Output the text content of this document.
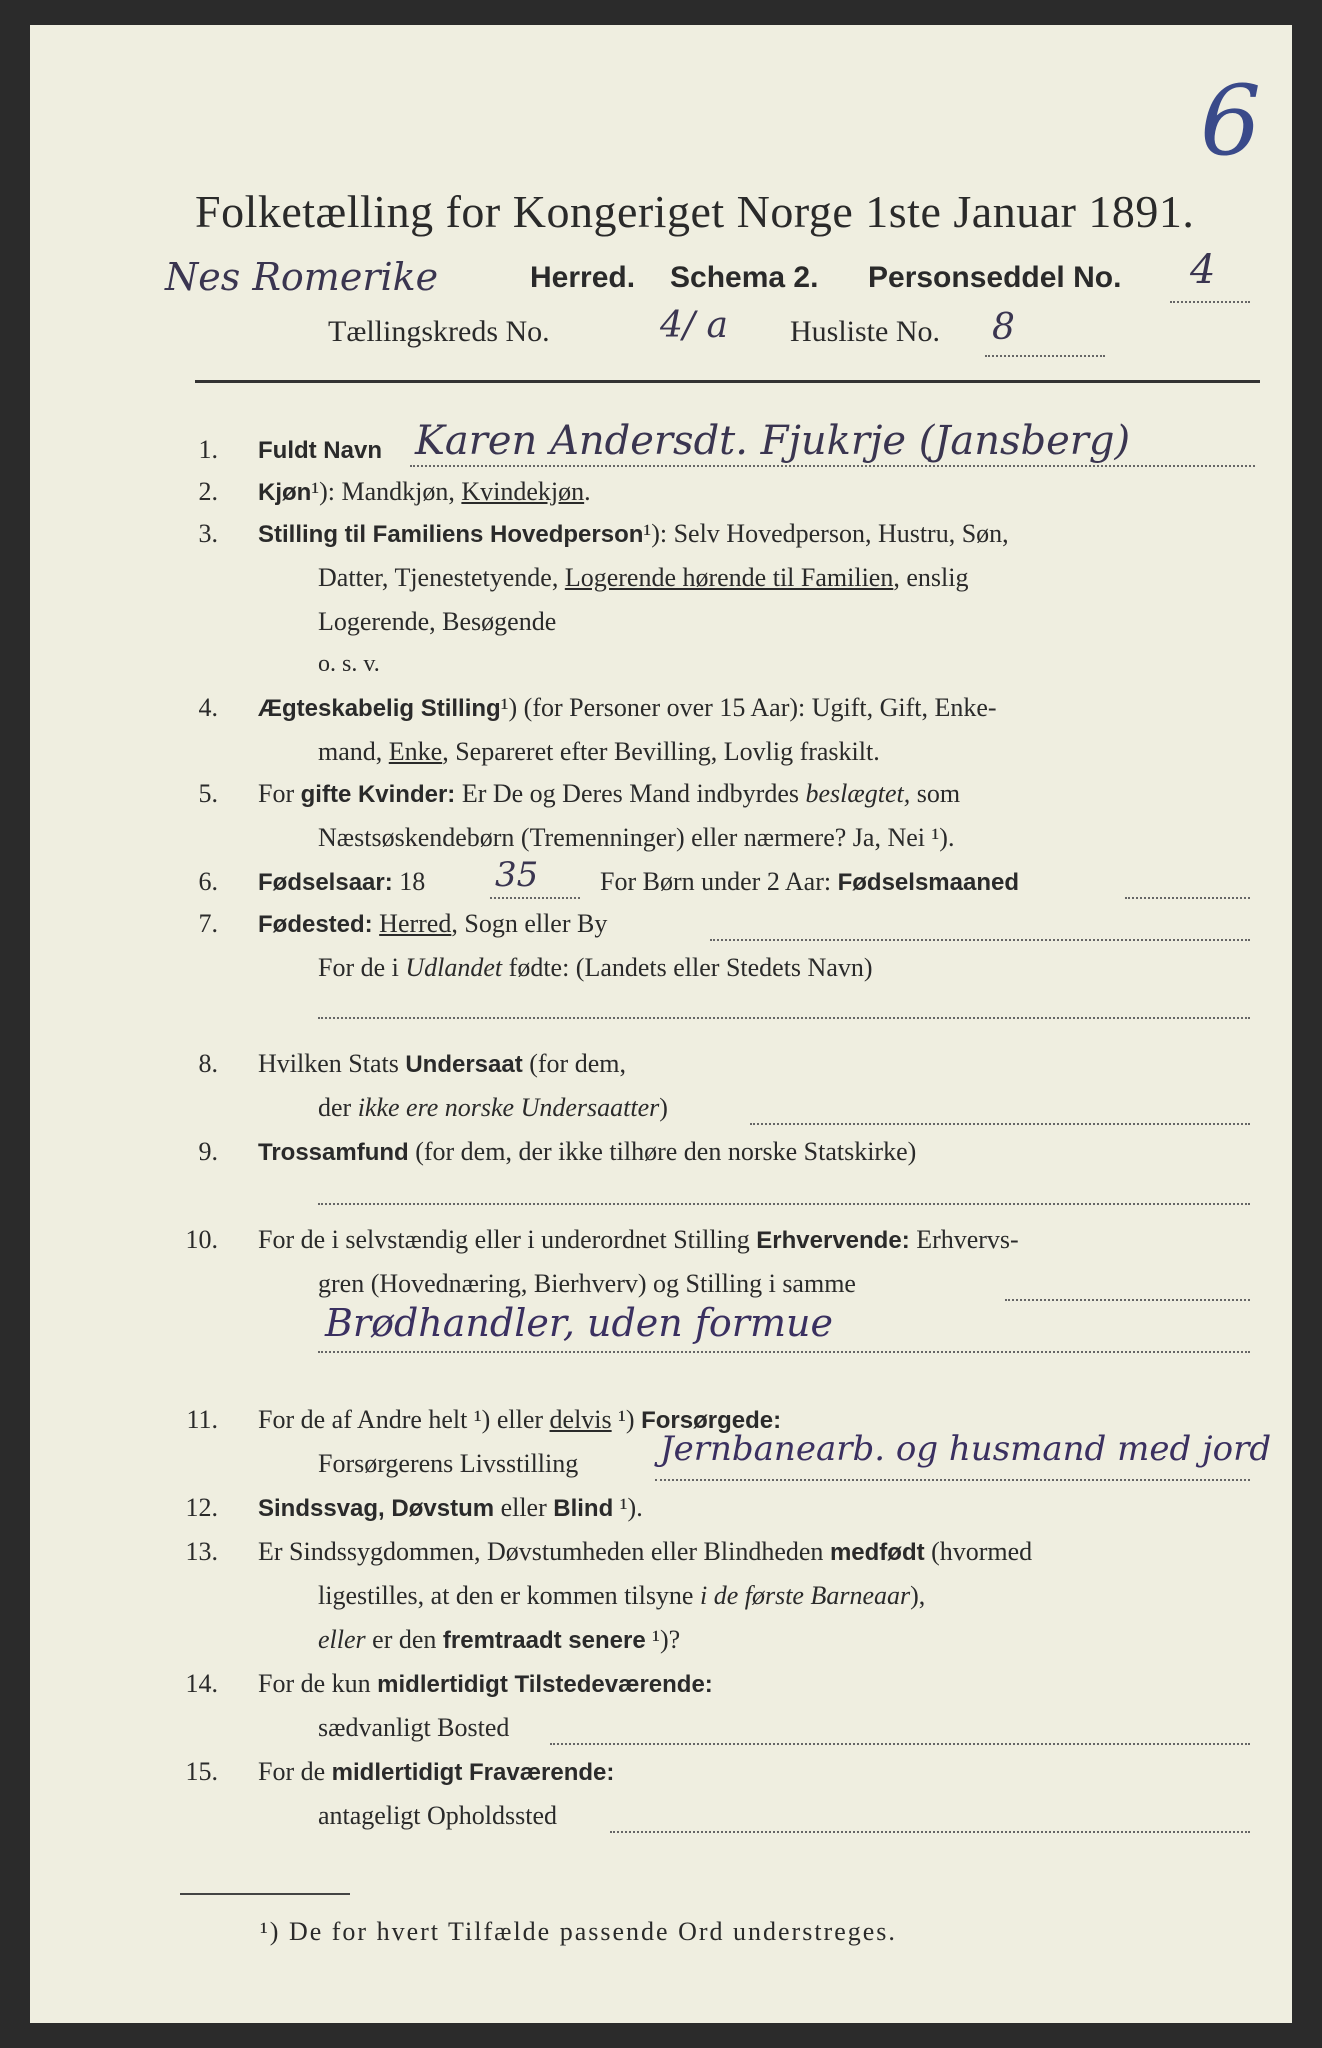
6
Folketælling for Kongeriget Norge 1ste Januar 1891.
Nes Romerike	Herred. Schema 2. Personseddel No. 4
Tællingskreds No.	4/ a Husliste No. 8
1. Fuldt Navn Karen Andersdt. Fjukrje (Jansberg)
2. Kjøn¹): Mandkjøn, Kvindekjøn.
3. Stilling til Familiens Hovedperson¹): Selv Hovedperson, Hustru, Søn,
Datter, Tjenestetyende, Logerende hørende til Familien, enslig
Logerende, Besøgende
o. s. v.
4. Ægteskabelig Stilling¹) (for Personer over 15 Aar): Ugift, Gift, Enke-
mand, Enke, Separeret efter Bevilling, Lovlig fraskilt.
5. For gifte Kvinder: Er De og Deres Mand indbyrdes beslægtet, som
Næstsøskendebørn (Tremenninger) eller nærmere? Ja, Nei ¹).
6. Fødselsaar: 18 35 For Børn under 2 Aar: Fødselsmaaned
7. Fødested: Herred, Sogn eller By
For de i Udlandet fødte: (Landets eller Stedets Navn)
8. Hvilken Stats Undersaat (for dem,
der ikke ere norske Undersaatter)
9. Trossamfund (for dem, der ikke tilhøre den norske Statskirke)
10. For de i selvstændig eller i underordnet Stilling Erhvervende: Erhvervs-
gren (Hovednæring, Bierhverv) og Stilling i samme
Brødhandler, uden formue
11. For de af Andre helt ¹) eller delvis ¹) Forsørgede:
Forsørgerens Livsstilling Jernbanearb. og husmand med jord
12. Sindssvag, Døvstum eller Blind ¹).
13. Er Sindssygdommen, Døvstumheden eller Blindheden medfødt (hvormed
ligestilles, at den er kommen tilsyne i de første Barneaar),
eller er den fremtraadt senere ¹)?
14. For de kun midlertidigt Tilstedeværende:
sædvanligt Bosted
15. For de midlertidigt Fraværende:
antageligt Opholdssted
¹) De for hvert Tilfælde passende Ord understreges.
